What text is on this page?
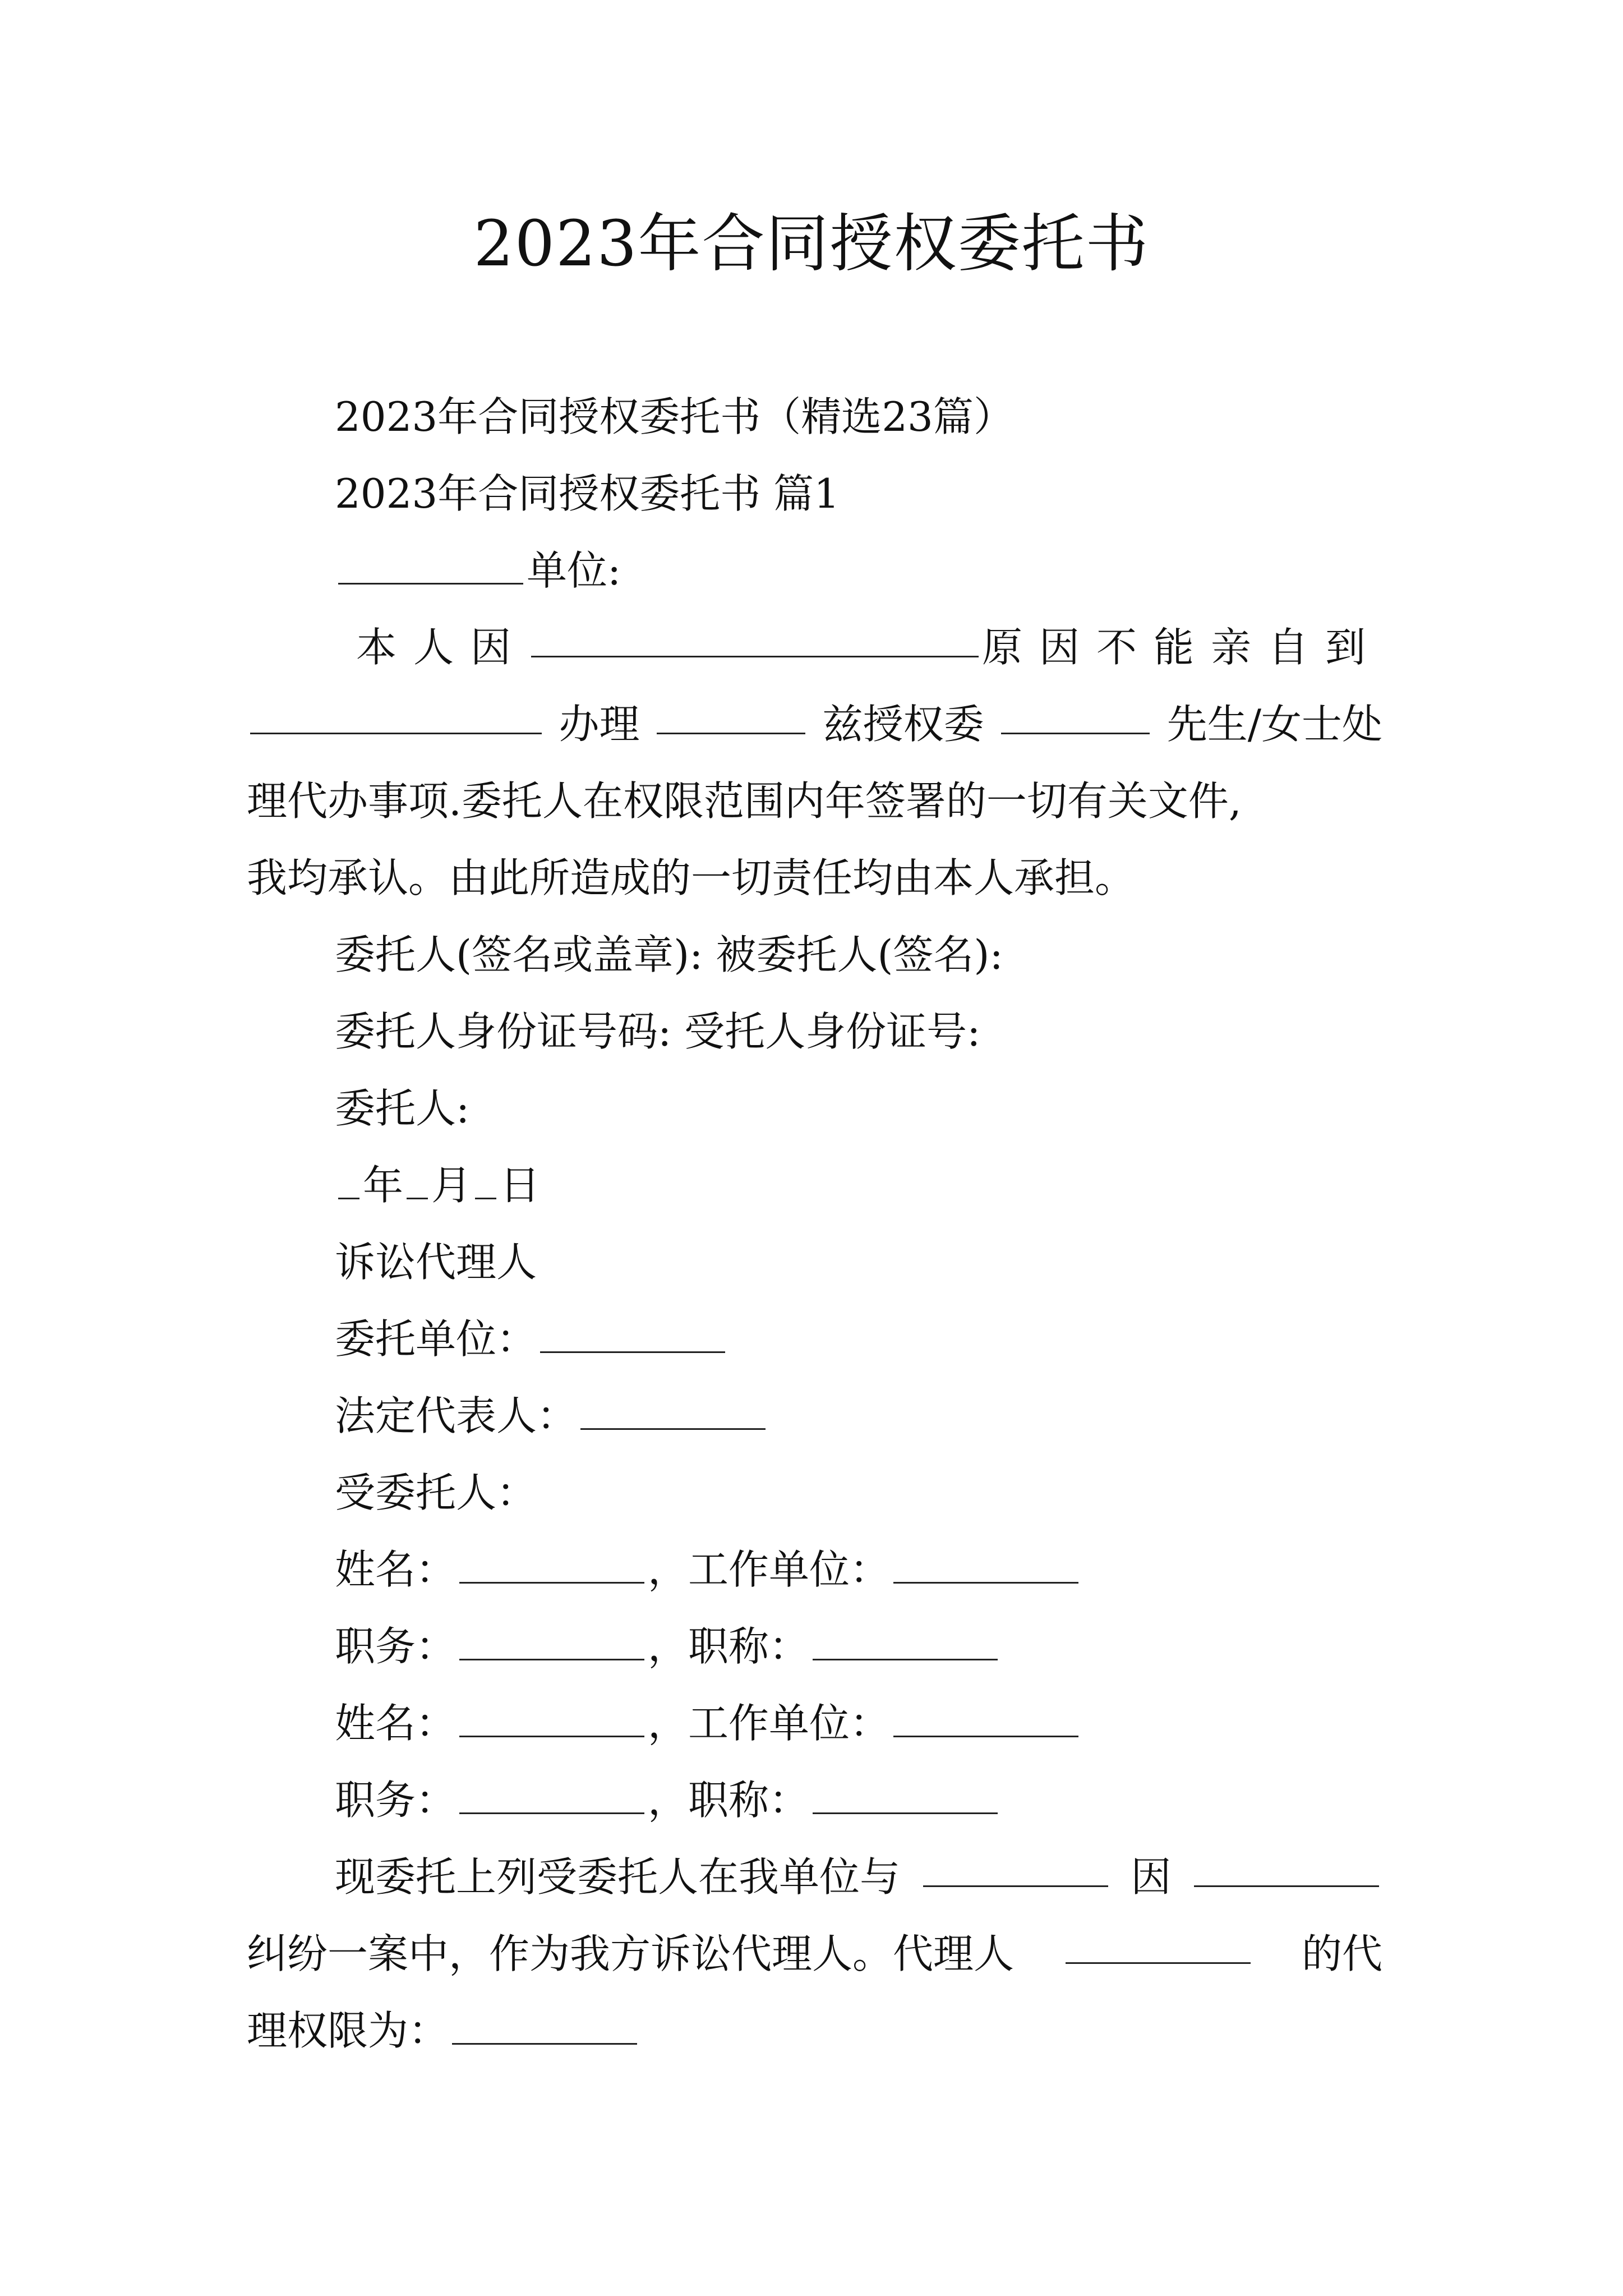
2023年合同授权委托书
2023年合同授权委托书（精选23篇）
2023年合同授权委托书 篇1
单位:
本人因	原因不能亲自到
办理	兹授权委	先生/女士处
理代办事项.委托人在权限范围内年签署的一切有关文件,
我均承认。由此所造成的一切责任均由本人承担。
委托人(签名或盖章): 被委托人(签名):
委托人身份证号码: 受托人身份证号:
委托人:
年 月 日
诉讼代理人
委托单位：
法定代表人：
受委托人：
姓名：	，工作单位：
职务：	，职称：
姓名：	，工作单位：
职务：	，职称：
现委托上列受委托人在我单位与	因
纠纷一案中，作为我方诉讼代理人。代理人	的代
理权限为：
